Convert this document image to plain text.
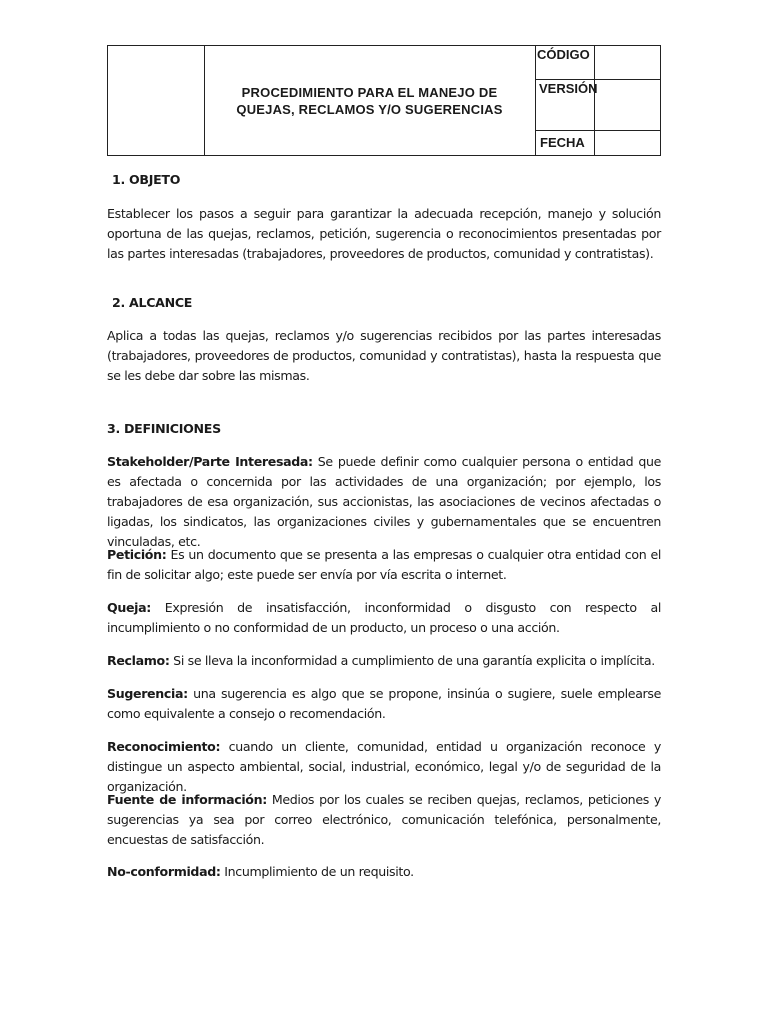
PROCEDIMIENTO PARA EL MANEJO DE QUEJAS, RECLAMOS Y/O SUGERENCIAS
CÓDIGO
VERSIÓN
FECHA
1. OBJETO
Establecer los pasos a seguir para garantizar la adecuada recepción, manejo y solución oportuna de las quejas, reclamos, petición, sugerencia o reconocimientos presentadas por las partes interesadas (trabajadores, proveedores de productos, comunidad y contratistas).
2. ALCANCE
Aplica a todas las quejas, reclamos y/o sugerencias recibidos por las partes interesadas (trabajadores, proveedores de productos, comunidad y contratistas), hasta la respuesta que se les debe dar sobre las mismas.
3. DEFINICIONES
Stakeholder/Parte Interesada: Se puede definir como cualquier persona o entidad que es afectada o concernida por las actividades de una organización; por ejemplo, los trabajadores de esa organización, sus accionistas, las asociaciones de vecinos afectadas o ligadas, los sindicatos, las organizaciones civiles y gubernamentales que se encuentren vinculadas, etc.
Petición: Es un documento que se presenta a las empresas o cualquier otra entidad con el fin de solicitar algo; este puede ser envía por vía escrita o internet.
Queja: Expresión de insatisfacción, inconformidad o disgusto con respecto al incumplimiento o no conformidad de un producto, un proceso o una acción.
Reclamo: Si se lleva la inconformidad a cumplimiento de una garantía explicita o implícita.
Sugerencia: una sugerencia es algo que se propone, insinúa o sugiere, suele emplearse como equivalente a consejo o recomendación.
Reconocimiento: cuando un cliente, comunidad, entidad u organización reconoce y distingue un aspecto ambiental, social, industrial, económico, legal y/o de seguridad de la organización.
Fuente de información: Medios por los cuales se reciben quejas, reclamos, peticiones y sugerencias ya sea por correo electrónico, comunicación telefónica, personalmente, encuestas de satisfacción.
No-conformidad: Incumplimiento de un requisito.
